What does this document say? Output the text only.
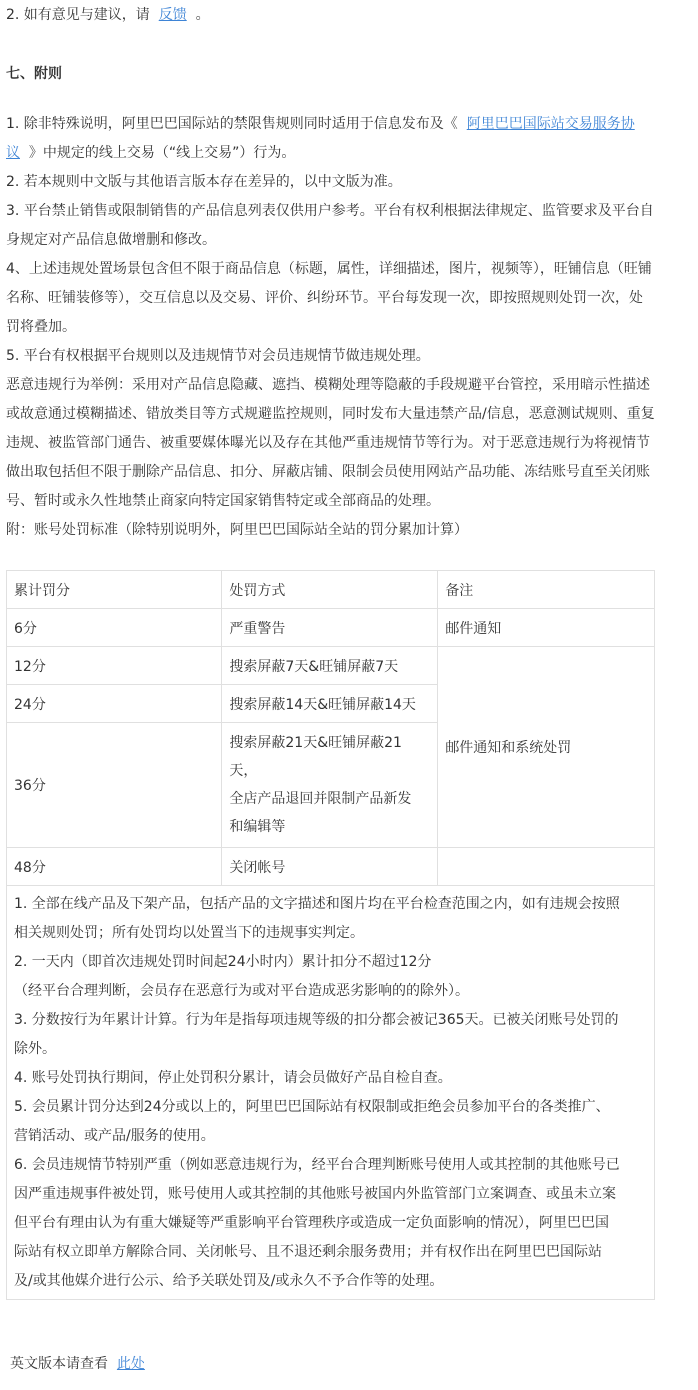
2. 如有意见与建议，请 反馈 。
七、附则
1. 除非特殊说明，阿里巴巴国际站的禁限售规则同时适用于信息发布及《 阿里巴巴国际站交易服务协
议 》中规定的线上交易（“线上交易”）行为。
2. 若本规则中文版与其他语言版本存在差异的，以中文版为准。
3. 平台禁止销售或限制销售的产品信息列表仅供用户参考。平台有权利根据法律规定、监管要求及平台自
身规定对产品信息做增删和修改。
4、上述违规处置场景包含但不限于商品信息（标题，属性，详细描述，图片，视频等），旺铺信息（旺铺
名称、旺铺装修等），交互信息以及交易、评价、纠纷环节。平台每发现一次，即按照规则处罚一次，处
罚将叠加。
5. 平台有权根据平台规则以及违规情节对会员违规情节做违规处理。
恶意违规行为举例：采用对产品信息隐藏、遮挡、模糊处理等隐蔽的手段规避平台管控，采用暗示性描述
或故意通过模糊描述、错放类目等方式规避监控规则，同时发布大量违禁产品/信息，恶意测试规则、重复
违规、被监管部门通告、被重要媒体曝光以及存在其他严重违规情节等行为。对于恶意违规行为将视情节
做出取包括但不限于删除产品信息、扣分、屏蔽店铺、限制会员使用网站产品功能、冻结账号直至关闭账
号、暂时或永久性地禁止商家向特定国家销售特定或全部商品的处理。
附：账号处罚标准（除特别说明外，阿里巴巴国际站全站的罚分累加计算）
累计罚分	处罚方式	备注
6分	严重警告	邮件通知
12分	搜索屏蔽7天&旺铺屏蔽7天	邮件通知和系统处罚
24分	搜索屏蔽14天&旺铺屏蔽14天	
36分	搜索屏蔽21天&旺铺屏蔽21
天，
全店产品退回并限制产品新发
和编辑等	

48分	关闭帐号	

1. 全部在线产品及下架产品，包括产品的文字描述和图片均在平台检查范围之内，如有违规会按照
相关规则处罚；所有处罚均以处置当下的违规事实判定。
2. 一天内（即首次违规处罚时间起24小时内）累计扣分不超过12分
（经平台合理判断，会员存在恶意行为或对平台造成恶劣影响的的除外）。
3. 分数按行为年累计计算。行为年是指每项违规等级的扣分都会被记365天。已被关闭账号处罚的
除外。
4. 账号处罚执行期间，停止处罚积分累计，请会员做好产品自检自查。
5. 会员累计罚分达到24分或以上的，阿里巴巴国际站有权限制或拒绝会员参加平台的各类推广、
营销活动、或产品/服务的使用。
6. 会员违规情节特别严重（例如恶意违规行为，经平台合理判断账号使用人或其控制的其他账号已
因严重违规事件被处罚，账号使用人或其控制的其他账号被国内外监管部门立案调查、或虽未立案
但平台有理由认为有重大嫌疑等严重影响平台管理秩序或造成一定负面影响的情况），阿里巴巴国
际站有权立即单方解除合同、关闭帐号、且不退还剩余服务费用；并有权作出在阿里巴巴国际站
及/或其他媒介进行公示、给予关联处罚及/或永久不予合作等的处理。
英文版本请查看 此处
